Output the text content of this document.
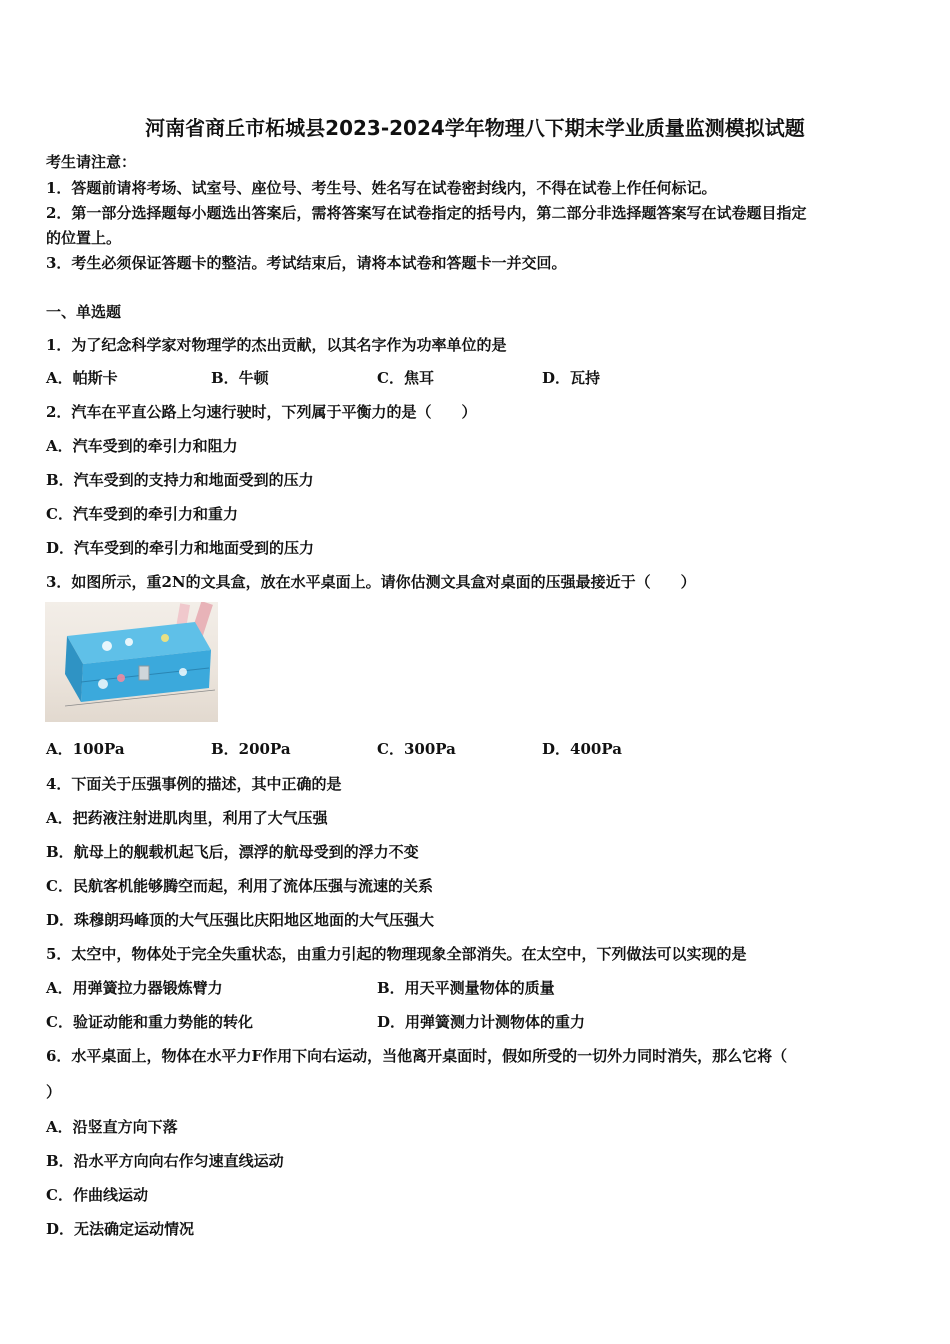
河南省商丘市柘城县2023-2024学年物理八下期末学业质量监测模拟试题
考生请注意：
1．答题前请将考场、试室号、座位号、考生号、姓名写在试卷密封线内，不得在试卷上作任何标记。
2．第一部分选择题每小题选出答案后，需将答案写在试卷指定的括号内，第二部分非选择题答案写在试卷题目指定
的位置上。
3．考生必须保证答题卡的整洁。考试结束后，请将本试卷和答题卡一并交回。
一、单选题
1．为了纪念科学家对物理学的杰出贡献，以其名字作为功率单位的是
A．帕斯卡	B．牛顿	C．焦耳	D．瓦持
2．汽车在平直公路上匀速行驶时，下列属于平衡力的是（　　）
A．汽车受到的牵引力和阻力
B．汽车受到的支持力和地面受到的压力
C．汽车受到的牵引力和重力
D．汽车受到的牵引力和地面受到的压力
3．如图所示，重2N的文具盒，放在水平桌面上。请你估测文具盒对桌面的压强最接近于（　　）
A．100Pa	B．200Pa	C．300Pa	D．400Pa
4．下面关于压强事例的描述，其中正确的是
A．把药液注射进肌肉里，利用了大气压强
B．航母上的舰载机起飞后，漂浮的航母受到的浮力不变
C．民航客机能够腾空而起，利用了流体压强与流速的关系
D．珠穆朗玛峰顶的大气压强比庆阳地区地面的大气压强大
5．太空中，物体处于完全失重状态，由重力引起的物理现象全部消失。在太空中，下列做法可以实现的是
A．用弹簧拉力器锻炼臂力	B．用天平测量物体的质量
C．验证动能和重力势能的转化	D．用弹簧测力计测物体的重力
6．水平桌面上，物体在水平力F作用下向右运动，当他离开桌面时，假如所受的一切外力同时消失，那么它将（
）
A．沿竖直方向下落
B．沿水平方向向右作匀速直线运动
C．作曲线运动
D．无法确定运动情况
